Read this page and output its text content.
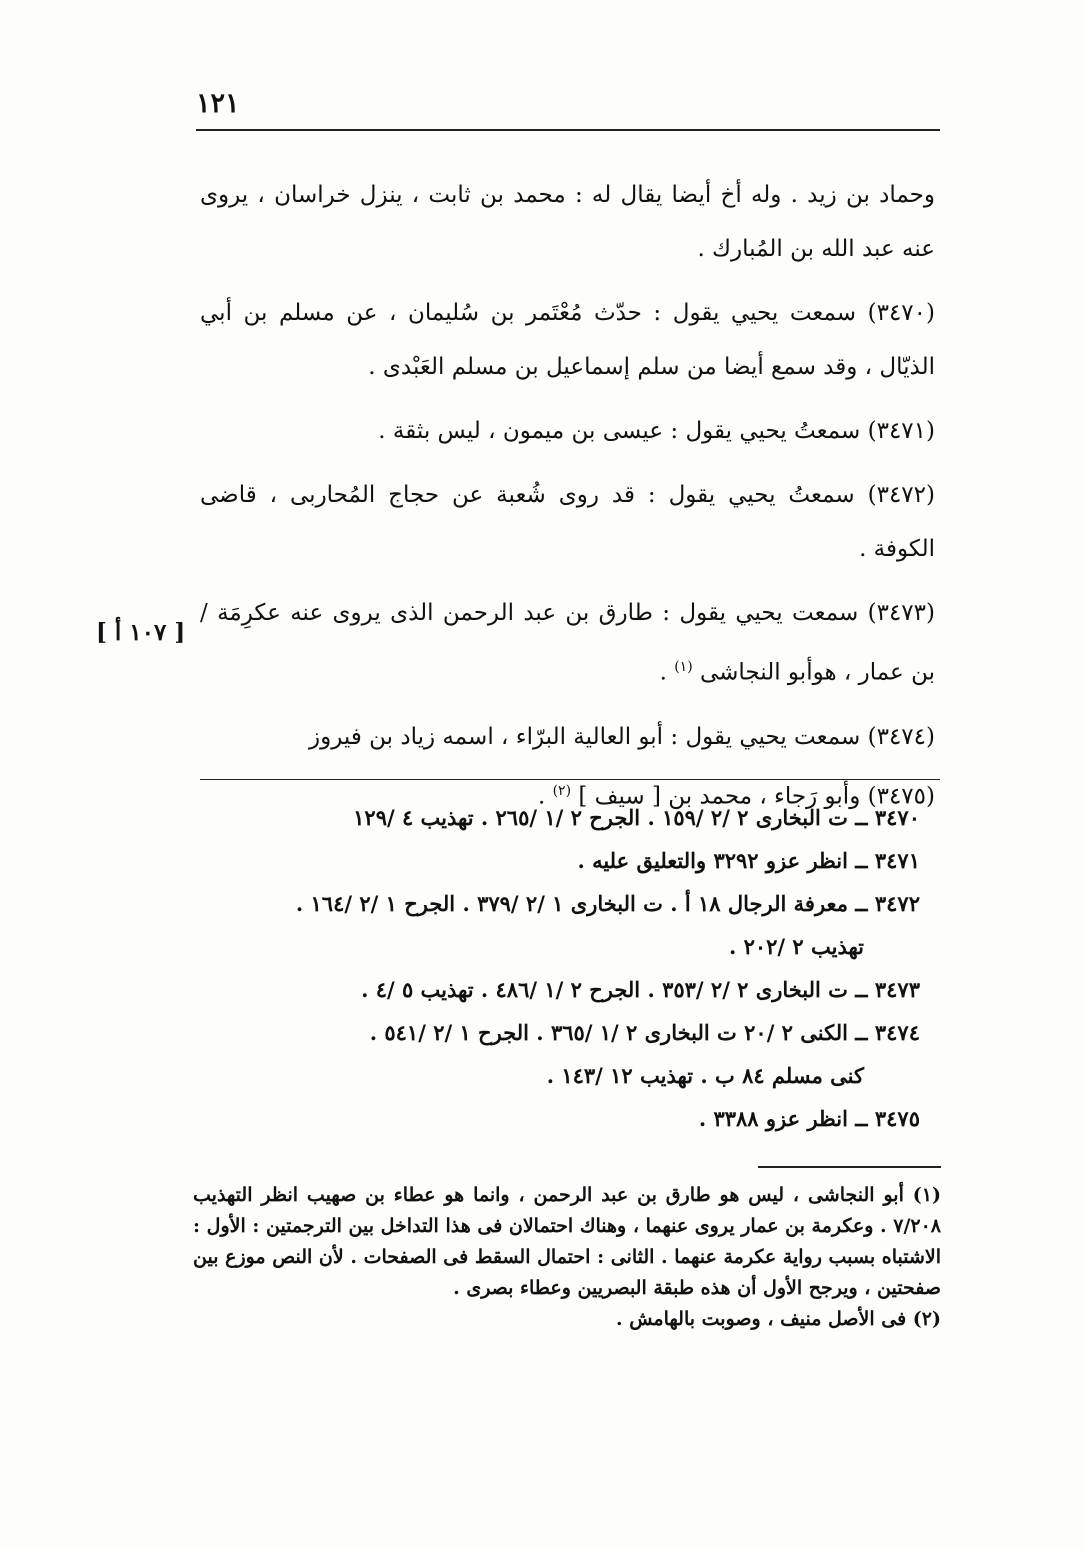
١٢١

وحماد بن زيد . وله أخ أيضا يقال له : محمد بن ثابت ، ينزل خراسان ، يروى عنه عبد الله بن المُبارك .

(٣٤٧٠) سمعت يحيي يقول : حدّث مُعْتَمر بن سُليمان ، عن مسلم بن أبي الذيّال ، وقد سمع أيضا من سلم إسماعيل بن مسلم العَبْدى .

(٣٤٧١) سمعتُ يحيي يقول : عيسى بن ميمون ، ليس بثقة .

(٣٤٧٢) سمعتُ يحيي يقول : قد روى شُعبة عن حجاج المُحاربى ، قاضى الكوفة .

(٣٤٧٣) سمعت يحيي يقول : طارق بن عبد الرحمن الذى يروى عنه عكرِمَة / بن عمار ، هوأبو النجاشى $^{(١)}$ .

(٣٤٧٤) سمعت يحيي يقول : أبو العالية البرّاء ، اسمه زياد بن فيروز

(٣٤٧٥) وأبو رَجاء ، محمد بن [ سيف ] $^{(٢)}$ .

[ ١٠٧ أ ]

٣٤٧٠ ــ ت البخارى ٢ /٢ /١٥٩ . الجرح ٢ /١ /٢٦٥ . تهذيب ٤ /١٢٩

٣٤٧١ ــ انظر عزو ٣٢٩٢ والتعليق عليه .

٣٤٧٢ ــ معرفة الرجال ١٨ أ . ت البخارى ١ /٢ /٣٧٩ . الجرح ١ /٢ /١٦٤ .

تهذيب ٢ /٢٠٢ .

٣٤٧٣ ــ ت البخارى ٢ /٢ /٣٥٣ . الجرح ٢ /١ /٤٨٦ . تهذيب ٥ /٤ .

٣٤٧٤ ــ الكنى ٢ /٢٠ ت البخارى ٢ /١ /٣٦٥ . الجرح ١ /٢ /٥٤١ .

كنى مسلم ٨٤ ب . تهذيب ١٢ /١٤٣ .

٣٤٧٥ ــ انظر عزو ٣٣٨٨ .

(١) أبو النجاشى ، ليس هو طارق بن عبد الرحمن ، وانما هو عطاء بن صهيب انظر التهذيب ٧/٢٠٨ . وعكرمة بن عمار يروى عنهما ، وهناك احتمالان فى هذا التداخل بين الترجمتين : الأول : الاشتباه بسبب رواية عكرمة عنهما . الثانى : احتمال السقط فى الصفحات . لأن النص موزع بين صفحتين ، ويرجح الأول أن هذه طبقة البصريين وعطاء بصرى .

(٢) فى الأصل منيف ، وصوبت بالهامش .
